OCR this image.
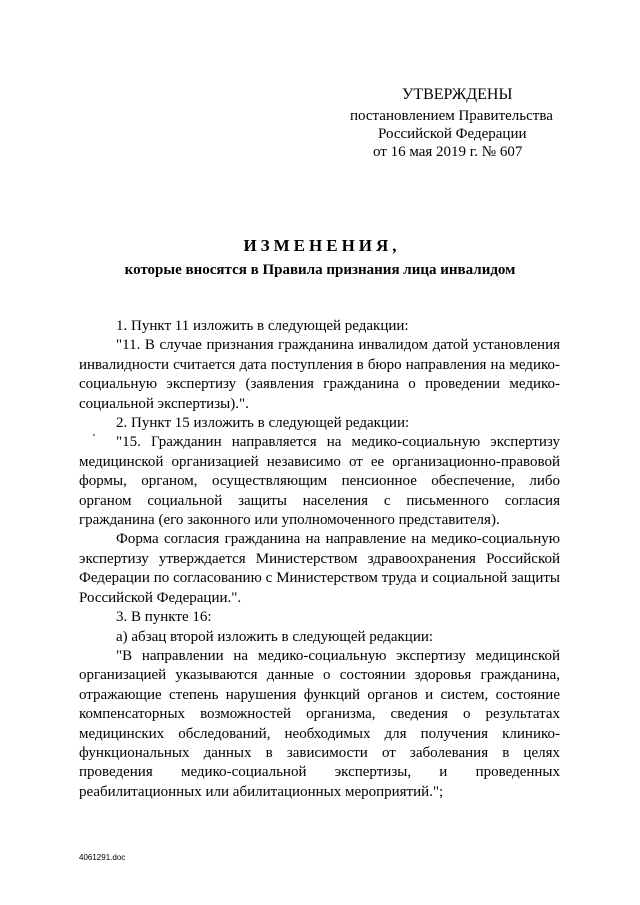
УТВЕРЖДЕНЫ
постановлением Правительства
Российской Федерации
от 16 мая 2019 г. № 607
ИЗМЕНЕНИЯ,
которые вносятся в Правила признания лица инвалидом

1. Пункт 11 изложить в следующей редакции:

"11. В случае признания гражданина инвалидом датой установления инвалидности считается дата поступления в бюро направления на медико-социальную экспертизу (заявления гражданина о проведении медико-социальной экспертизы).".

2. Пункт 15 изложить в следующей редакции:

"15. Гражданин направляется на медико-социальную экспертизу медицинской организацией независимо от ее организационно-правовой формы, органом, осуществляющим пенсионное обеспечение, либо органом социальной защиты населения с письменного согласия гражданина (его законного или уполномоченного представителя).

Форма согласия гражданина на направление на медико-социальную экспертизу утверждается Министерством здравоохранения Российской Федерации по согласованию с Министерством труда и социальной защиты Российской Федерации.".

3. В пункте 16:

а) абзац второй изложить в следующей редакции:

"В направлении на медико-социальную экспертизу медицинской организацией указываются данные о состоянии здоровья гражданина, отражающие степень нарушения функций органов и систем, состояние компенсаторных возможностей организма, сведения о результатах медицинских обследований, необходимых для получения клинико-функциональных данных в зависимости от заболевания в целях проведения медико-социальной экспертизы, и проведенных реабилитационных или абилитационных мероприятий.";

4061291.doc
